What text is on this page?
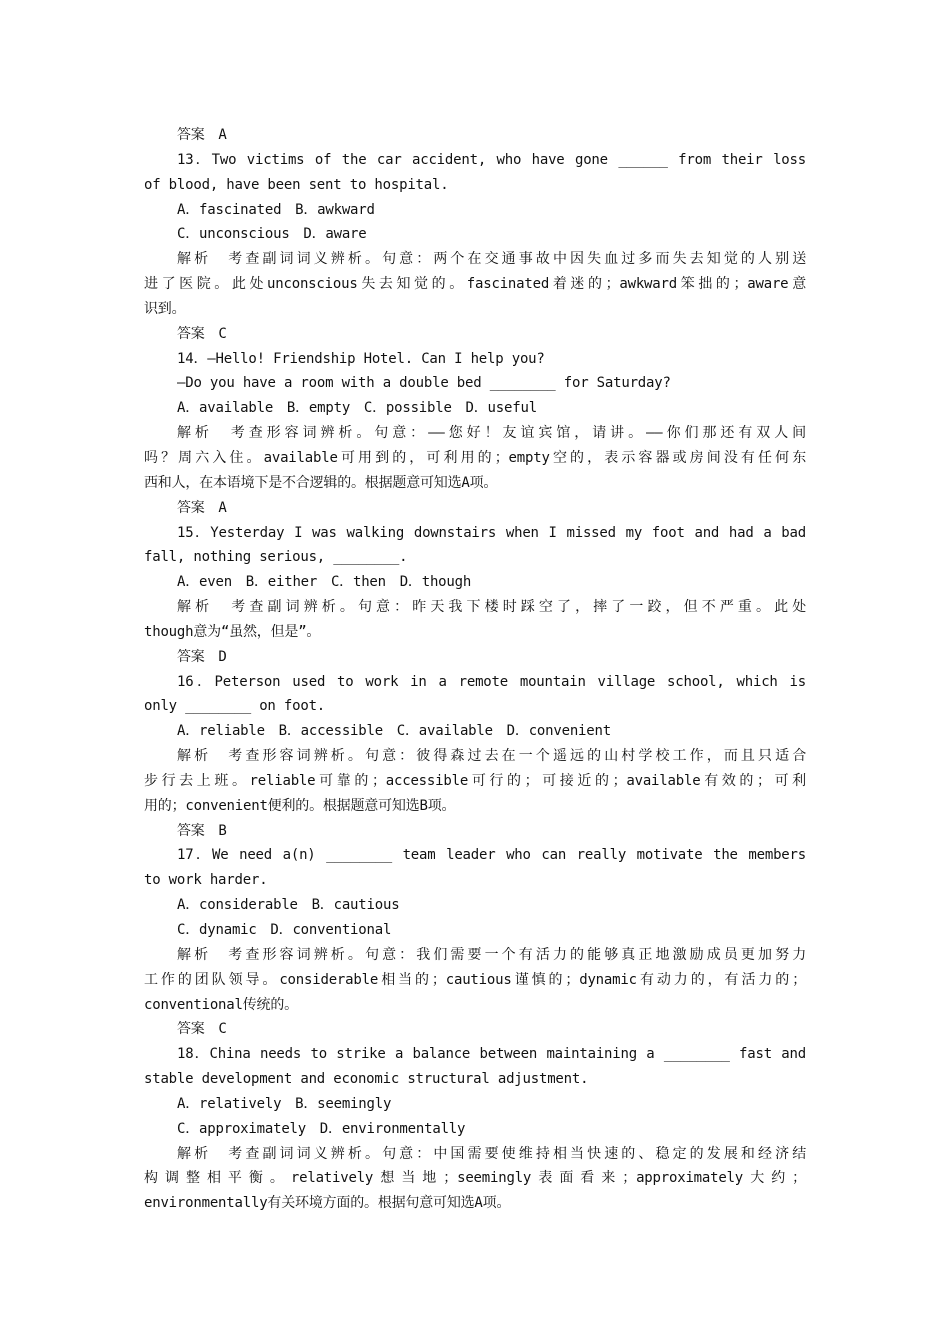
答案　A
13．Two victims of the car accident, who have gone ______ from their loss
of blood, have been sent to hospital.
A．fascinated　B．awkward
C．unconscious　D．aware
解析　考查副词词义辨析。句意：两个在交通事故中因失血过多而失去知觉的人别送
进了医院。此处unconscious失去知觉的。fascinated着迷的；awkward笨拙的；aware意
识到。
答案　C
14．—Hello! Friendship Hotel. Can I help you?
—Do you have a room with a double bed ________ for Saturday?
A．available　B．empty　C．possible　D．useful
解析　考查形容词辨析。句意：——您好！友谊宾馆，请讲。——你们那还有双人间
吗？周六入住。available可用到的，可利用的；empty空的，表示容器或房间没有任何东
西和人，在本语境下是不合逻辑的。根据题意可知选A项。
答案　A
15．Yesterday I was walking downstairs when I missed my foot and had a bad
fall, nothing serious, ________.
A．even　B．either　C．then　D．though
解析　考查副词辨析。句意：昨天我下楼时踩空了，摔了一跤，但不严重。此处
though意为“虽然，但是”。
答案　D
16．Peterson used to work in a remote mountain village school, which is
only ________ on foot.
A．reliable　B．accessible　C．available　D．convenient
解析　考查形容词辨析。句意：彼得森过去在一个遥远的山村学校工作，而且只适合
步行去上班。reliable可靠的；accessible可行的；可接近的；available有效的；可利
用的；convenient便利的。根据题意可知选B项。
答案　B
17．We need a(n) ________ team leader who can really motivate the members
to work harder.
A．considerable　B．cautious
C．dynamic　D．conventional
解析　考查形容词辨析。句意：我们需要一个有活力的能够真正地激励成员更加努力
工作的团队领导。considerable相当的；cautious谨慎的；dynamic有动力的，有活力的；
conventional传统的。
答案　C
18．China needs to strike a balance between maintaining a ________ fast and
stable development and economic structural adjustment.
A．relatively　B．seemingly
C．approximately　D．environmentally
解析　考查副词词义辨析。句意：中国需要使维持相当快速的、稳定的发展和经济结
构调整相平衡。relatively想当地；seemingly表面看来；approximately大约；
environmentally有关环境方面的。根据句意可知选A项。
